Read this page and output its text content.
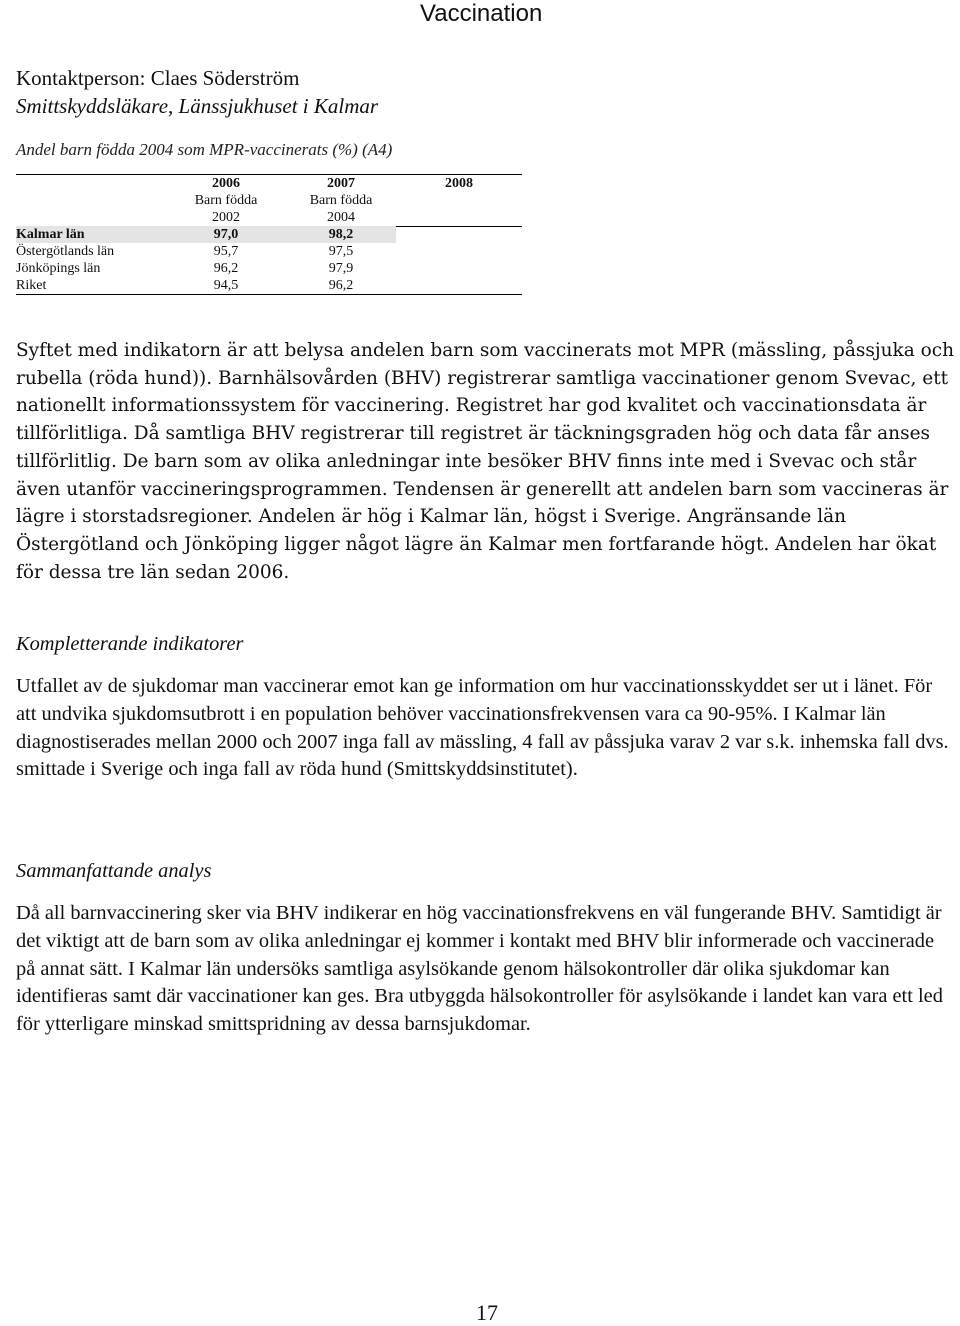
Vaccination
Kontaktperson: Claes Söderström
Smittskyddsläkare, Länssjukhuset i Kalmar
Andel barn födda 2004 som MPR-vaccinerats (%) (A4)
	2006	2007	2008
	Barn födda	Barn födda	
	2002	2004	
Kalmar län	97,0	98,2	
Östergötlands län	95,7	97,5	
Jönköpings län	96,2	97,9	
Riket	94,5	96,2	

Syftet med indikatorn är att belysa andelen barn som vaccinerats mot MPR (mässling, påssjuka och rubella (röda hund)). Barnhälsovården (BHV) registrerar samtliga vaccinationer genom Svevac, ett nationellt informationssystem för vaccinering. Registret har god kvalitet och vaccinationsdata är tillförlitliga. Då samtliga BHV registrerar till registret är täckningsgraden hög och data får anses tillförlitlig. De barn som av olika anledningar inte besöker BHV finns inte med i Svevac och står även utanför vaccineringsprogrammen. Tendensen är generellt att andelen barn som vaccineras är lägre i storstadsregioner. Andelen är hög i Kalmar län, högst i Sverige. Angränsande län Östergötland och Jönköping ligger något lägre än Kalmar men fortfarande högt. Andelen har ökat för dessa tre län sedan 2006.

Kompletterande indikatorer

Utfallet av de sjukdomar man vaccinerar emot kan ge information om hur vaccinationsskyddet ser ut i länet. För att undvika sjukdomsutbrott i en population behöver vaccinationsfrekvensen vara ca 90-95%. I Kalmar län diagnostiserades mellan 2000 och 2007 inga fall av mässling, 4 fall av påssjuka varav 2 var s.k. inhemska fall dvs. smittade i Sverige och inga fall av röda hund (Smittskyddsinstitutet).

Sammanfattande analys

Då all barnvaccinering sker via BHV indikerar en hög vaccinationsfrekvens en väl fungerande BHV. Samtidigt är det viktigt att de barn som av olika anledningar ej kommer i kontakt med BHV blir informerade och vaccinerade på annat sätt. I Kalmar län undersöks samtliga asylsökande genom hälsokontroller där olika sjukdomar kan identifieras samt där vaccinationer kan ges. Bra utbyggda hälsokontroller för asylsökande i landet kan vara ett led för ytterligare minskad smittspridning av dessa barnsjukdomar.

17
